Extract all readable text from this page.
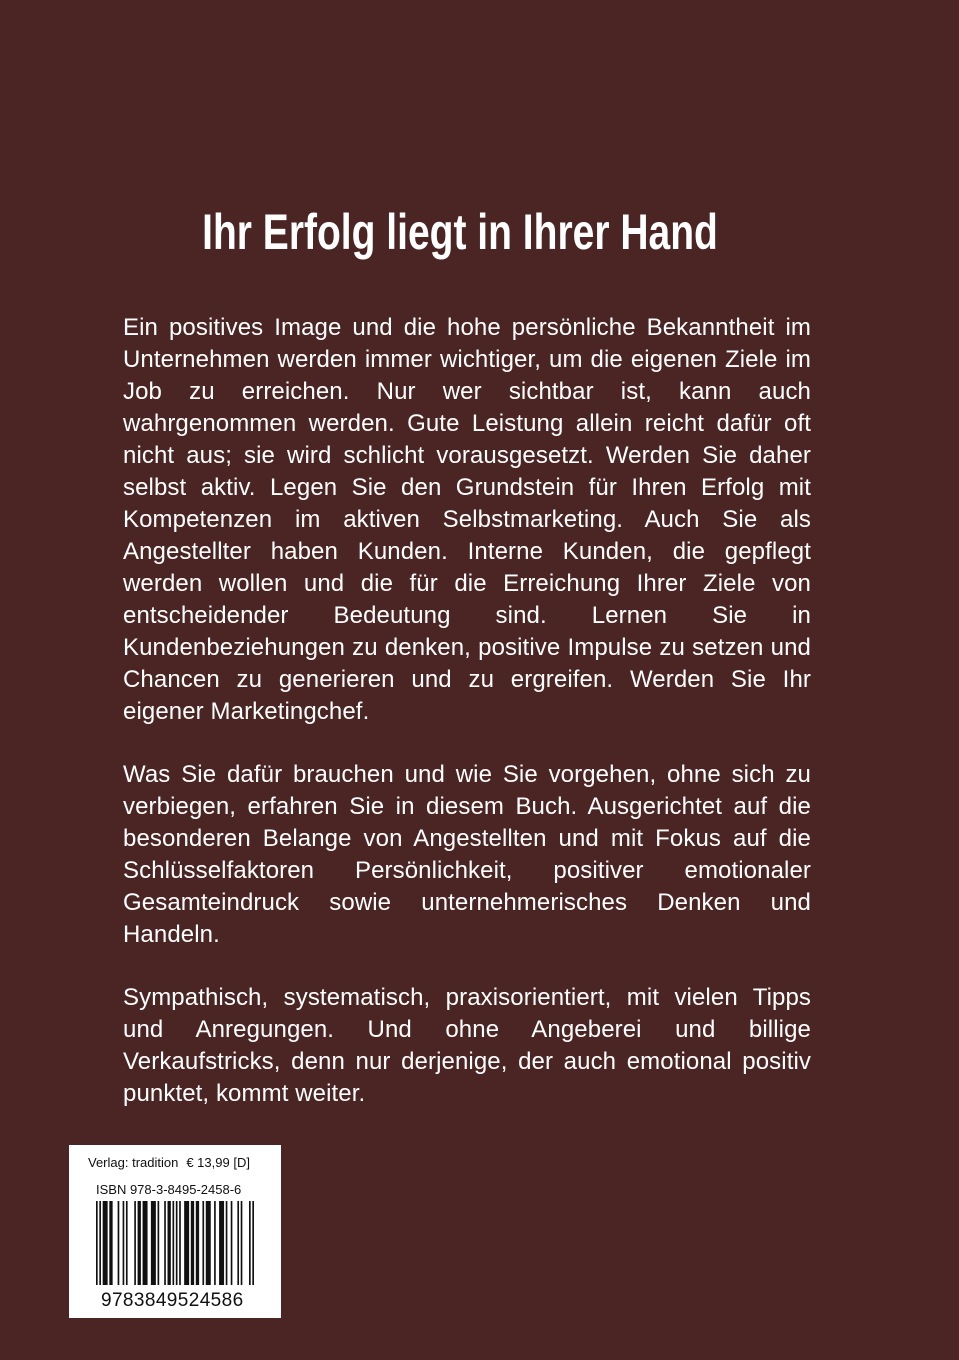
Ihr Erfolg liegt in Ihrer Hand

Ein positives Image und die hohe persönliche Bekanntheit im Unternehmen werden immer wichtiger, um die eigenen Ziele im Job zu erreichen. Nur wer sichtbar ist, kann auch wahrgenommen werden. Gute Leistung allein reicht dafür oft nicht aus; sie wird schlicht vorausgesetzt. Werden Sie daher selbst aktiv. Legen Sie den Grundstein für Ihren Erfolg mit Kompetenzen im aktiven Selbstmarketing. Auch Sie als Angestellter haben Kunden. Interne Kunden, die gepflegt werden wollen und die für die Erreichung Ihrer Ziele von entscheidender Bedeutung sind. Lernen Sie in Kundenbeziehungen zu denken, positive Impulse zu setzen und Chancen zu generieren und zu ergreifen. Werden Sie Ihr eigener Marketingchef.

Was Sie dafür brauchen und wie Sie vorgehen, ohne sich zu verbiegen, erfahren Sie in diesem Buch. Ausgerichtet auf die besonderen Belange von Angestellten und mit Fokus auf die Schlüsselfaktoren Persönlichkeit, positiver emotionaler Gesamteindruck sowie unternehmerisches Denken und Handeln.

Sympathisch, systematisch, praxisorientiert, mit vielen Tipps und Anregungen. Und ohne Angeberei und billige Verkaufstricks, denn nur derjenige, der auch emotional positiv punktet, kommt weiter.

Verlag: tradition € 13,99 [D]
ISBN 978-3-8495-2458-6
9783849524586
